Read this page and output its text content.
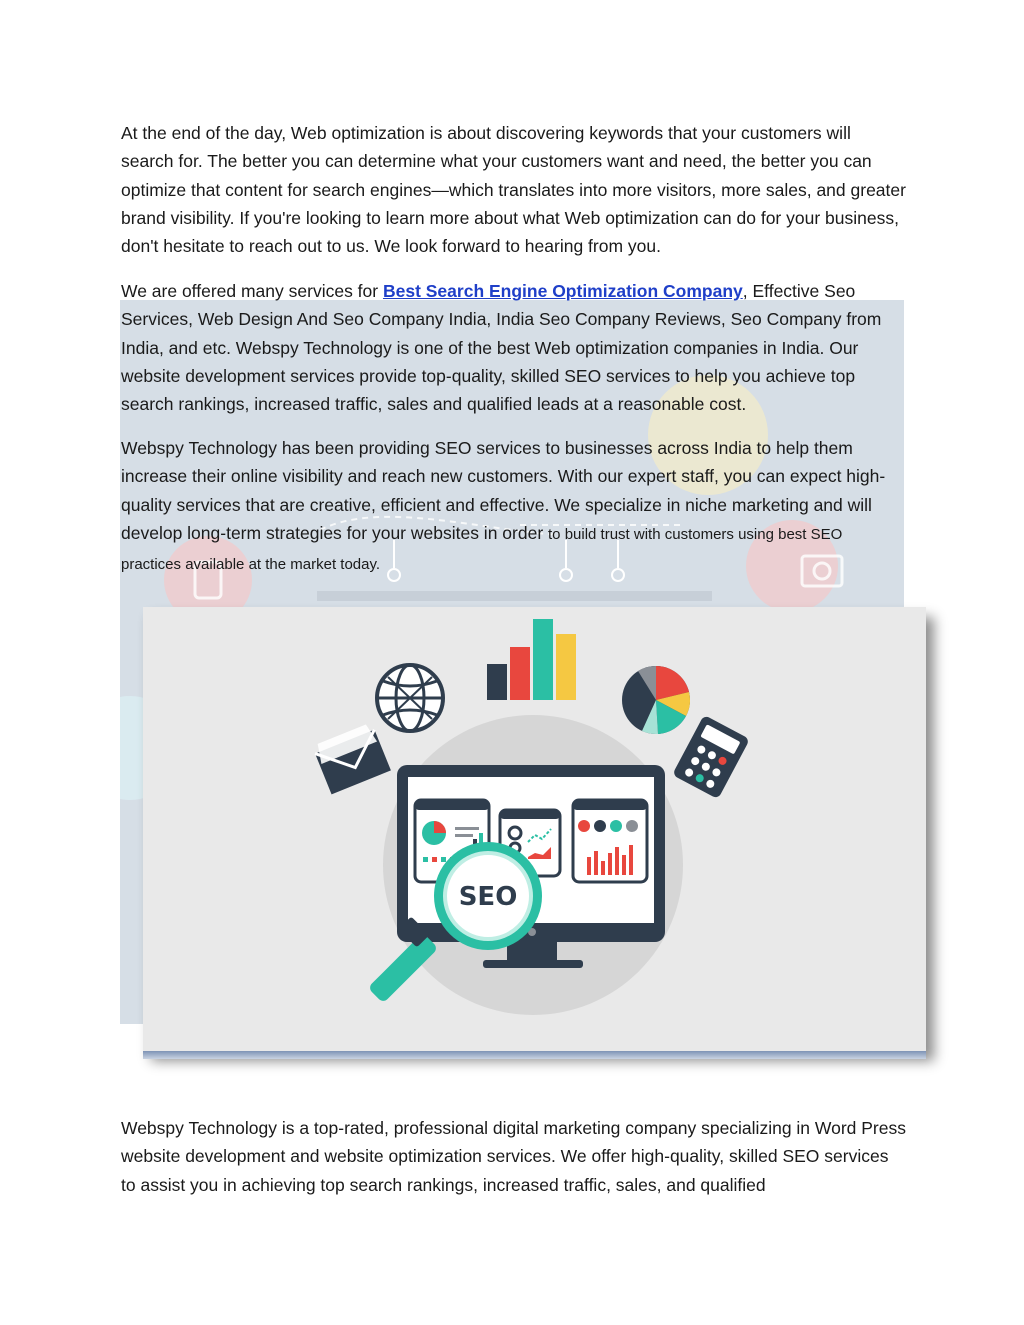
At the end of the day, Web optimization is about discovering keywords that your customers will search for. The better you can determine what your customers want and need, the better you can optimize that content for search engines—which translates into more visitors, more sales, and greater brand visibility. If you're looking to learn more about what Web optimization can do for your business, don't hesitate to reach out to us. We look forward to hearing from you.

We are offered many services for Best Search Engine Optimization Company, Effective Seo Services, Web Design And Seo Company India, India Seo Company Reviews, Seo Company from India, and etc. Webspy Technology is one of the best Web optimization companies in India. Our website development services provide top-quality, skilled SEO services to help you achieve top search rankings, increased traffic, sales and qualified leads at a reasonable cost.

Webspy Technology has been providing SEO services to businesses across India to help them increase their online visibility and reach new customers. With our expert staff, you can expect high-quality services that are creative, efficient and effective. We specialize in niche marketing and will develop long-term strategies for your websites in order to build trust with customers using best SEO practices available at the market today.

SEO

Webspy Technology is a top-rated, professional digital marketing company specializing in Word Press website development and website optimization services. We offer high-quality, skilled SEO services to assist you in achieving top search rankings, increased traffic, sales, and qualified
